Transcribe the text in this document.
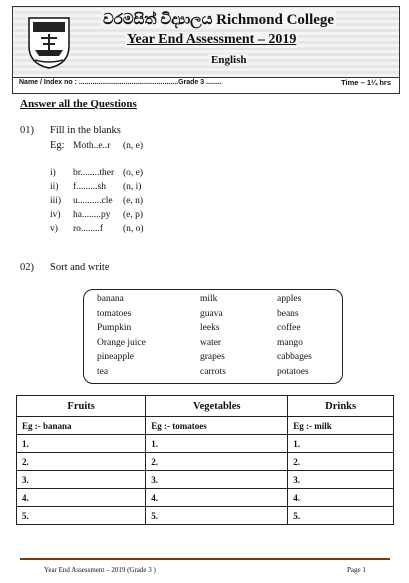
වරමසිත් විද්‍යාලය Richmond College
Year End Assessment – 2019
English
Name / Index no : ...................................................Grade 3 ........	Time – 1¼ hrs
Answer all the Questions
01) Fill in the blanks
Eg: Moth..e..r (n, e)
i) br........ther (o, e)
ii) f.........sh (n, i)
iii) u..........cle (e, n)
iv) ha........py (e, p)
v) ro........f (n, o)
02) Sort and write
banana
tomatoes
Pumpkin
Orange juice
pineapple
tea
milk
guava
leeks
water
grapes
carrots
apples
beans
coffee
mango
cabbages
potatoes
Fruits	Vegetables	Drinks
Eg :- banana	Eg :- tomatoes	Eg :- milk
1.	1.	1.
2.	2.	2.
3.	3.	3.
4.	4.	4.
5.	5.	5.
Year End Assessment – 2019 (Grade 3 )	Page 1
